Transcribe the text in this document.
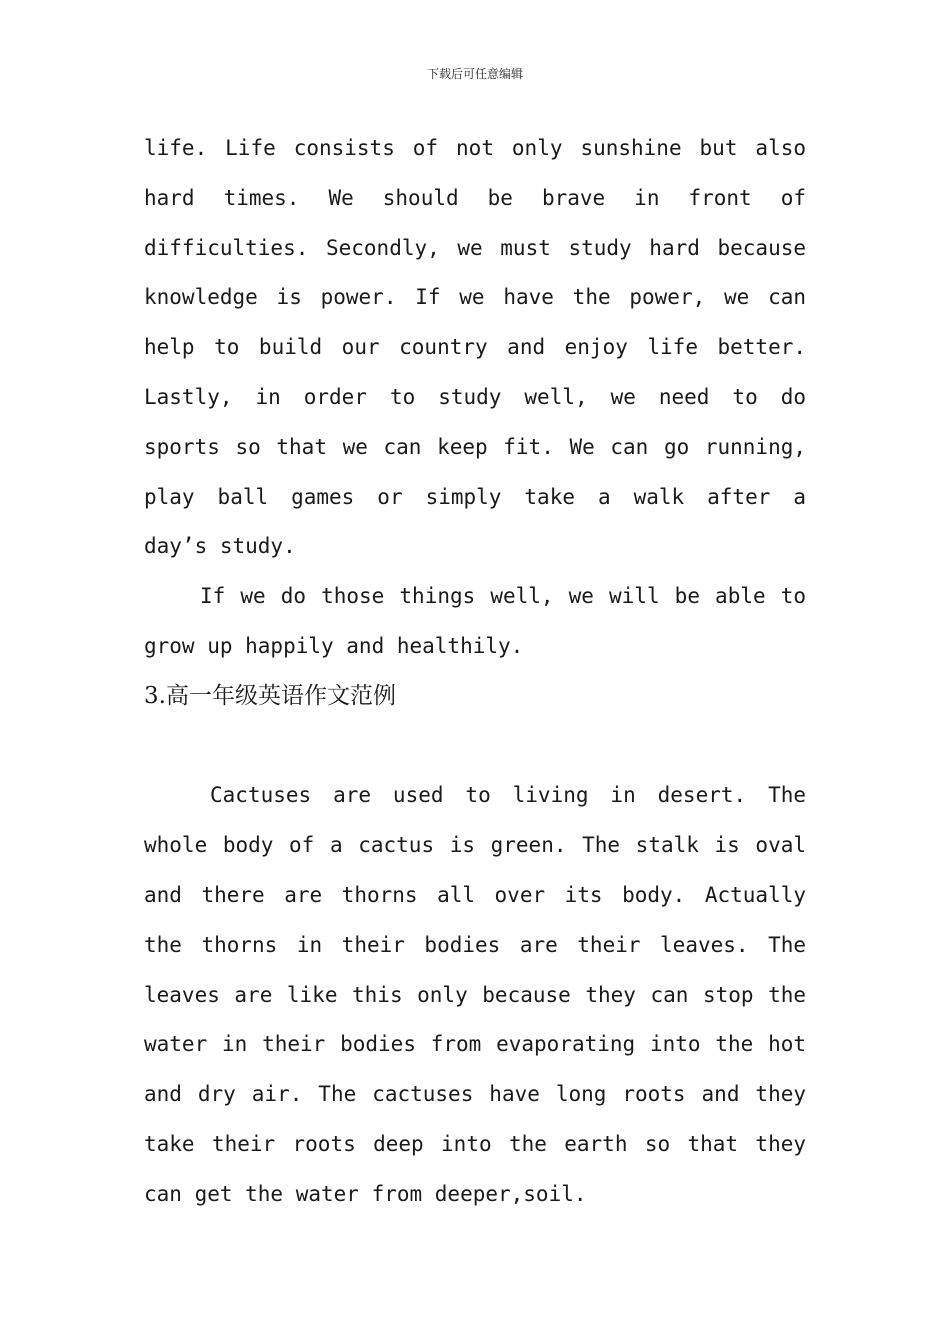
下载后可任意编辑
life. Life consists of not only sunshine but also
hard times. We should be brave in front of
difficulties. Secondly, we must study hard because
knowledge is power. If we have the power, we can
help to build our country and enjoy life better.
Lastly, in order to study well, we need to do
sports so that we can keep fit. We can go running,
play ball games or simply take a walk after a
day’s study.
If we do those things well, we will be able to
grow up happily and healthily.
3.高一年级英语作文范例
Cactuses are used to living in desert. The
whole body of a cactus is green. The stalk is oval
and there are thorns all over its body. Actually
the thorns in their bodies are their leaves. The
leaves are like this only because they can stop the
water in their bodies from evaporating into the hot
and dry air. The cactuses have long roots and they
take their roots deep into the earth so that they
can get the water from deeper,soil.
